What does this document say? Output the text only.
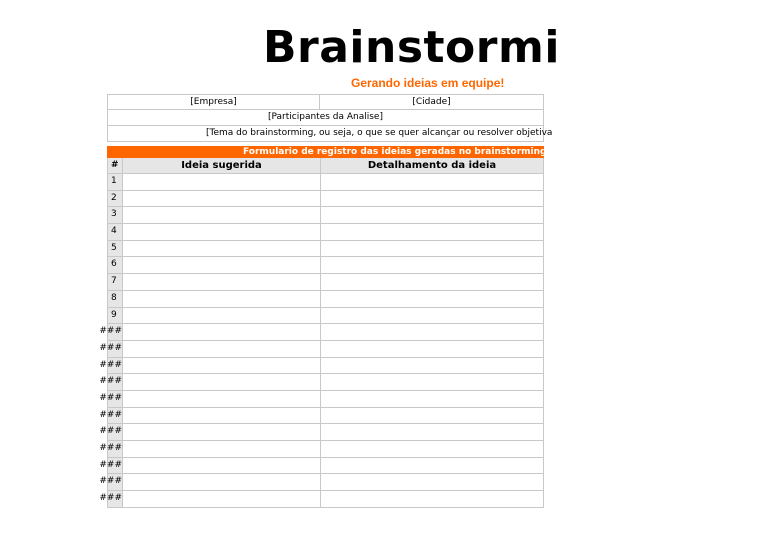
Brainstormi
Gerando ideias em equipe!
[Empresa]	[Cidade]
[Participantes da Analise]
[Tema do brainstorming, ou seja, o que se quer alcançar ou resolver objetiva
Formulario de registro das ideias geradas no brainstorming
#	Ideia sugerida	Detalhamento da ideia
1
2
3
4
5
6
7
8
9
###
###
###
###
###
###
###
###
###
###
###
